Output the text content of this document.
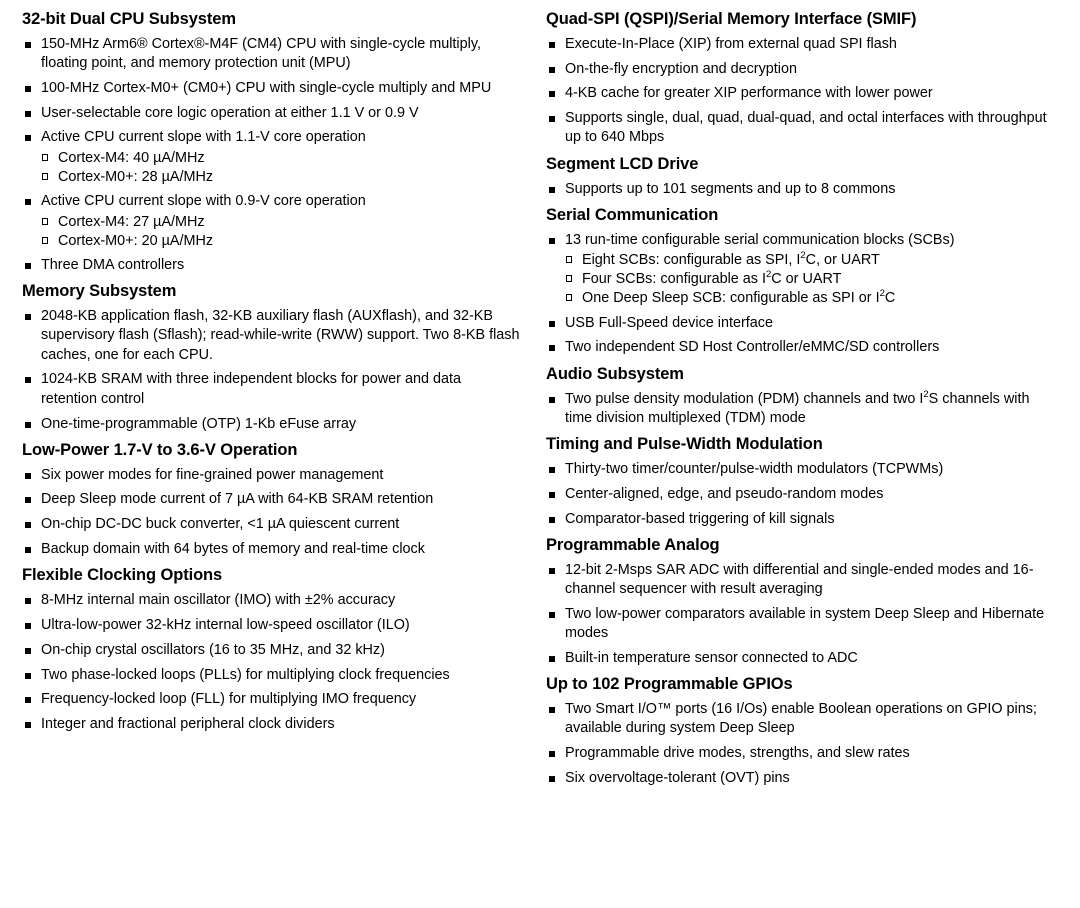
32-bit Dual CPU Subsystem
150-MHz Arm6® Cortex®-M4F (CM4) CPU with single-cycle multiply, floating point, and memory protection unit (MPU)
100-MHz Cortex-M0+ (CM0+) CPU with single-cycle multiply and MPU
User-selectable core logic operation at either 1.1 V or 0.9 V
Active CPU current slope with 1.1-V core operation
Cortex-M4: 40 µA/MHz
Cortex-M0+: 28 µA/MHz
Active CPU current slope with 0.9-V core operation
Cortex-M4: 27 µA/MHz
Cortex-M0+: 20 µA/MHz
Three DMA controllers
Memory Subsystem
2048-KB application flash, 32-KB auxiliary flash (AUXflash), and 32-KB supervisory flash (Sflash); read-while-write (RWW) support. Two 8-KB flash caches, one for each CPU.
1024-KB SRAM with three independent blocks for power and data retention control
One-time-programmable (OTP) 1-Kb eFuse array
Low-Power 1.7-V to 3.6-V Operation
Six power modes for fine-grained power management
Deep Sleep mode current of 7 µA with 64-KB SRAM retention
On-chip DC-DC buck converter, <1 µA quiescent current
Backup domain with 64 bytes of memory and real-time clock
Flexible Clocking Options
8-MHz internal main oscillator (IMO) with ±2% accuracy
Ultra-low-power 32-kHz internal low-speed oscillator (ILO)
On-chip crystal oscillators (16 to 35 MHz, and 32 kHz)
Two phase-locked loops (PLLs) for multiplying clock frequencies
Frequency-locked loop (FLL) for multiplying IMO frequency
Integer and fractional peripheral clock dividers
Quad-SPI (QSPI)/Serial Memory Interface (SMIF)
Execute-In-Place (XIP) from external quad SPI flash
On-the-fly encryption and decryption
4-KB cache for greater XIP performance with lower power
Supports single, dual, quad, dual-quad, and octal interfaces with throughput up to 640 Mbps
Segment LCD Drive
Supports up to 101 segments and up to 8 commons
Serial Communication
13 run-time configurable serial communication blocks (SCBs)
Eight SCBs: configurable as SPI, $I^2C$, or UART
Four SCBs: configurable as $I^2C$ or UART
One Deep Sleep SCB: configurable as SPI or $I^2C$
USB Full-Speed device interface
Two independent SD Host Controller/eMMC/SD controllers
Audio Subsystem
Two pulse density modulation (PDM) channels and two $I^2S$ channels with time division multiplexed (TDM) mode
Timing and Pulse-Width Modulation
Thirty-two timer/counter/pulse-width modulators (TCPWMs)
Center-aligned, edge, and pseudo-random modes
Comparator-based triggering of kill signals
Programmable Analog
12-bit 2-Msps SAR ADC with differential and single-ended modes and 16-channel sequencer with result averaging
Two low-power comparators available in system Deep Sleep and Hibernate modes
Built-in temperature sensor connected to ADC
Up to 102 Programmable GPIOs
Two Smart I/O™ ports (16 I/Os) enable Boolean operations on GPIO pins; available during system Deep Sleep
Programmable drive modes, strengths, and slew rates
Six overvoltage-tolerant (OVT) pins
